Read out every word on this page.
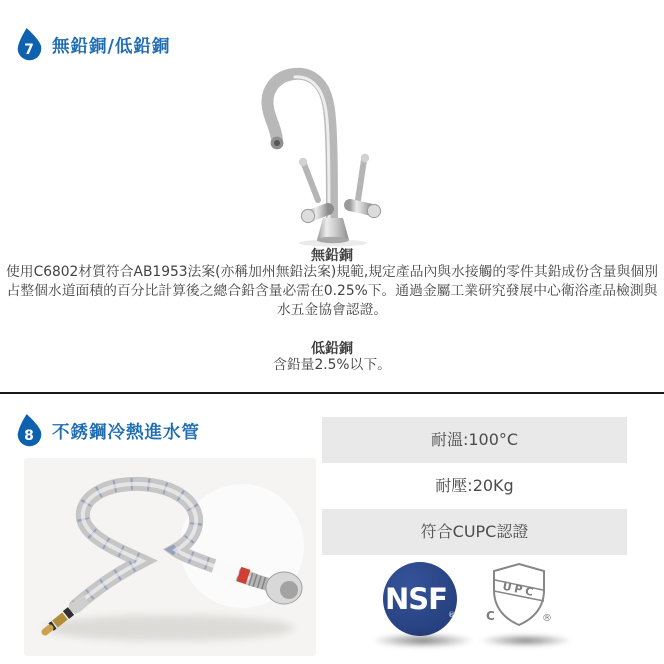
7 無鉛銅/低鉛銅
無鉛銅

使用C6802材質符合AB1953法案(亦稱加州無鉛法案)規範,規定產品內與水接觸的零件其鉛成份含量與個別占整個水道面積的百分比計算後之總合鉛含量必需在0.25%下。通過金屬工業研究發展中心衛浴產品檢測與水五金協會認證。

低鉛銅

含鉛量2.5%以下。

8 不銹鋼冷熱進水管	耐溫:100°C
耐壓:20Kg
符合CUPC認證
NSF ®
UPC
C	®
